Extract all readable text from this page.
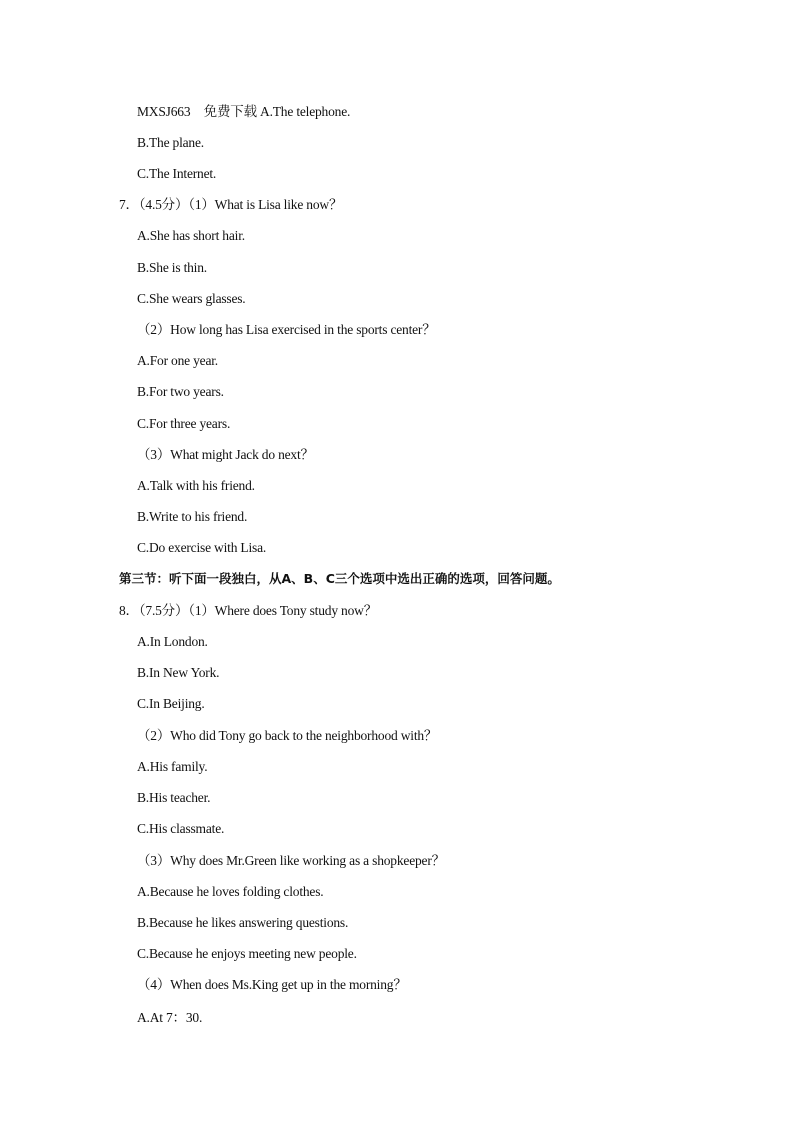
MXSJ663　免费下载 A.The telephone.
B.The plane.
C.The Internet.
7．（4.5分）（1）What is Lisa like now？
A.She has short hair.
B.She is thin.
C.She wears glasses.
（2）How long has Lisa exercised in the sports center？
A.For one year.
B.For two years.
C.For three years.
（3）What might Jack do next？
A.Talk with his friend.
B.Write to his friend.
C.Do exercise with Lisa.
第三节：听下面一段独白，从A、B、C三个选项中选出正确的选项，回答问题。
8．（7.5分）（1）Where does Tony study now？
A.In London.
B.In New York.
C.In Beijing.
（2）Who did Tony go back to the neighborhood with？
A.His family.
B.His teacher.
C.His classmate.
（3）Why does Mr.Green like working as a shopkeeper？
A.Because he loves folding clothes.
B.Because he likes answering questions.
C.Because he enjoys meeting new people.
（4）When does Ms.King get up in the morning？
A.At 7：30.
